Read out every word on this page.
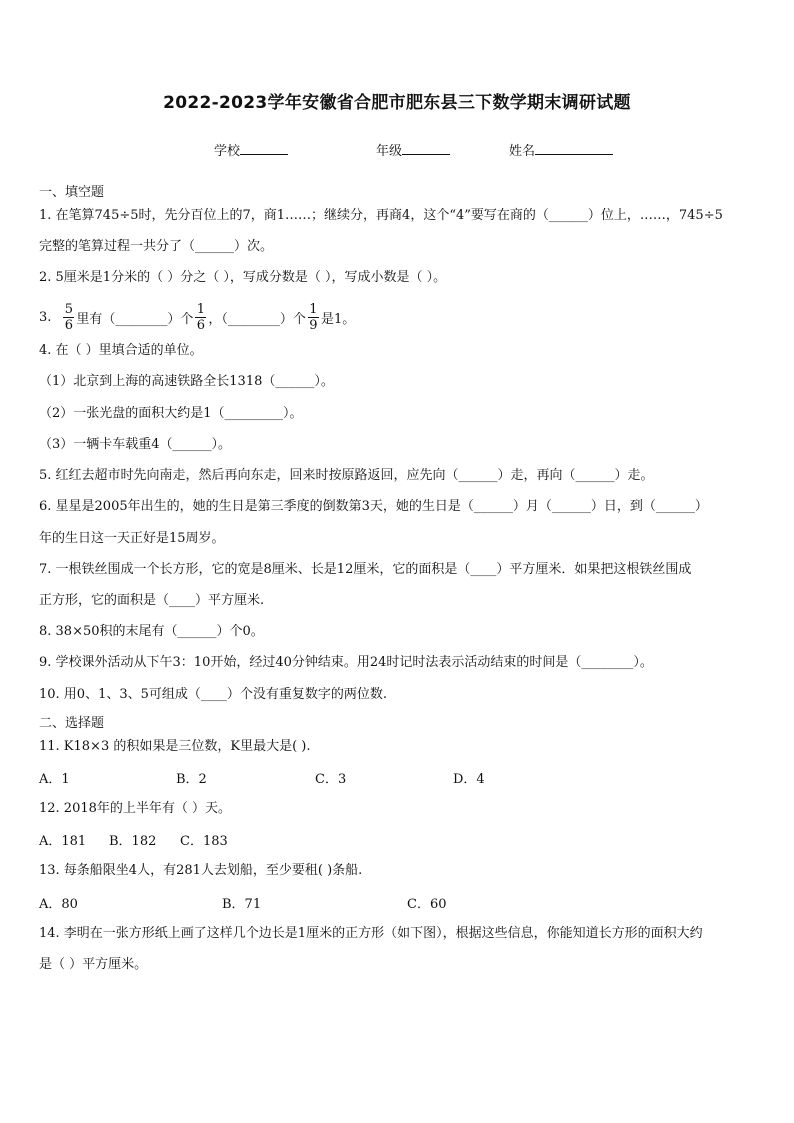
2022-2023学年安徽省合肥市肥东县三下数学期末调研试题
学校	年级	姓名
一、填空题
1. 在笔算745÷5时，先分百位上的7，商1……；继续分，再商4，这个“4”要写在商的（______）位上，……，745÷5
完整的笔算过程一共分了（______）次。
2. 5厘米是1分米的（ ）分之（ ），写成分数是（ ），写成小数是（ ）。
3. $\frac{5}{6}$ 里有（________）个 $\frac{1}{6}$ ，（________）个 $\frac{1}{9}$ 是1。
4. 在（ ）里填合适的单位。
（1）北京到上海的高速铁路全长1318（______）。
（2）一张光盘的面积大约是1（_________）。
（3）一辆卡车载重4（______）。
5. 红红去超市时先向南走，然后再向东走，回来时按原路返回，应先向（______）走，再向（______）走。
6. 星星是2005年出生的，她的生日是第三季度的倒数第3天，她的生日是（______）月（______）日，到（______）
年的生日这一天正好是15周岁。
7. 一根铁丝围成一个长方形，它的宽是8厘米、长是12厘米，它的面积是（____）平方厘米．如果把这根铁丝围成
正方形，它的面积是（____）平方厘米.
8. 38×50积的末尾有（______）个0。
9. 学校课外活动从下午3：10开始，经过40分钟结束。用24时记时法表示活动结束的时间是（________）。
10. 用0、1、3、5可组成（____）个没有重复数字的两位数.
二、选择题
11. K18×3 的积如果是三位数，K里最大是( ).
A．1	B．2	C．3	D．4
12. 2018年的上半年有（ ）天。
A．181 B．182 C．183
13. 每条船限坐4人，有281人去划船，至少要租( )条船.
A．80	B．71	C．60
14. 李明在一张方形纸上画了这样几个边长是1厘米的正方形（如下图），根据这些信息，你能知道长方形的面积大约
是（ ）平方厘米。
